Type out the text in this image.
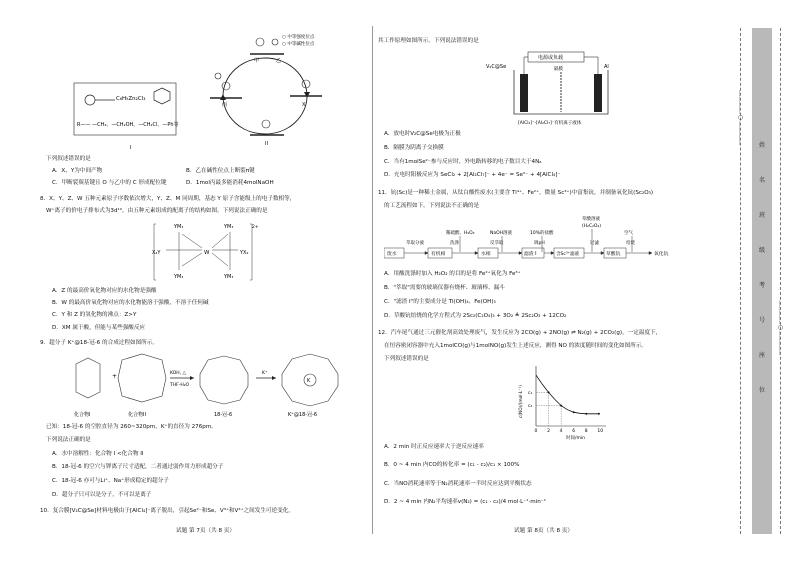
C₆H₅Zn₂Cl₃
R—— —CH₃、—CH₂OH、—CH₂Cl、—Ph等
甲	乙
丙	X
II
○ 中等强度位点
○ 中等碱性位点
I
下列叙述错误的是
A．X、Y为中间产物	B．乙在碱性位点上断裂π键
C．甲断裂羰基键且 O 与乙中的 C 形成配位键	D．1mol丙最多能消耗4molNaOH
8．X、Y、Z、W 五种元素原子序数依次增大，Y、Z、M 同周期，基态 Y 原子含能级上的电子数相等，
W⁺离子的价电子排布式为3d¹⁰。由五种元素组成的配离子的结构如图。下列说法正确的是
YM₃	YM₃
YM₃	YM₃
X₂Y	YX₂
W
2+
A．Z 的最高价氧化物对应的水化物是强酸
B．W 的最高价氧化物对应的水化物能溶于强酸，不溶于任何碱
C．Y 和 Z 的氢化物的沸点：Z>Y
D．XM 属于酸，但能与某些强酸反应
9．超分子 K⁺@18-冠-6 的合成过程如图所示。
+	KOH, △
THF-H₂O
K⁺
K
化合物I	化合物II	18-冠-6	K⁺@18-冠-6
已知：18-冠-6 的空腔直径为 260~320pm，K⁺的直径为 276pm。
下列说法正确的是
A．水中溶解性：化合物 I <化合物 II
B．18-冠-6 的空穴与钾离子尺寸适配，二者通过弱作用力形成超分子
C．18-冠-6 亦可与Li⁺、Na⁺形成稳定的超分子
D．超分子只可以是分子，不可以是离子
10．复合膜[V₂C@Se]材料电极由于[AlCl₄]⁻离子脱出，引起Se²⁻和Se、V³⁺和V⁴⁺之间发生可逆变化，
试题 第 7页（共 8 页）
其工作原理如图所示。下列说法错误的是
电源或负载
V₂C@Se	Al
隔膜
[AlCl₄]⁻-[Al₂Cl₇]⁻有机离子液体
A．放电时V₂C@Se电极为正极
B．隔膜为阴离子交换膜
C．当有1molSe²⁻参与反应时，外电路转移的电子数目大于4Nₐ
D．充电时阳极反应为 SeCl₂ + 2[Al₂Cl₇]⁻ + 4e⁻ = Se²⁻ + 4[AlCl₄]⁻
11．钪(Sc)是一种稀土金属，从钛白酸性废水(主要含 Ti⁴⁺、Fe²⁺，微量 Sc³⁺)中富集钪，并制备氧化钪(Sc₂O₃)
的工艺流程如下。下列说法不正确的是
草酸溶液
(H₂C₂O₄)
稀硫酸、H₂O₂	NaOH溶液	10%的盐酸	空气
萃取分液	洗涤	反萃取	调pH	过滤	焙烧
废水	有机相	水相	滤渣 I	含Sc³⁺滤液	草酸钪	氧化钪
A．用酸洗涤时加入 H₂O₂ 的目的是将 Fe²⁺氧化为 Fe³⁺
B．"萃取"需要的玻璃仪器有烧杯、玻璃棒、漏斗
C．"滤渣 I"的主要成分是 Ti(OH)₄、Fe(OH)₃
D．草酸钪焙烧的化学方程式为 2Sc₂(C₂O₄)₃ + 3O₂ ≜ 2Sc₂O₃ + 12CO₂
12．汽车尾气通过三元催化剂高效处理废气，发生反应为 2CO(g) + 2NO(g) ⇌ N₂(g) + 2CO₂(g)，一定温度下，
在恒容密闭容器中充入1molCO(g)与1molNO(g)发生上述反应，测得 NO 的浓度随时间的变化如图所示。
下列叙述错误的是
0 2 4 6 8 10
c₁
c₂
时间/min
c(NO)/(mol·L⁻¹)
A．2 min 时正反应速率大于逆反应速率
B．0 ~ 4 min 内CO的转化率 = (c₁ - c₂)/c₁ × 100%
C．当NO消耗速率等于N₂消耗速率一半时反应达到平衡状态
D．2 ~ 4 min 内N₂平均速率v(N₂) = (c₁ - c₂)/4 mol·L⁻¹·min⁻¹
试题 第 8页（共 8 页）
姓
名
班
级
考
号
座
位
…………○…………
…………○…………
